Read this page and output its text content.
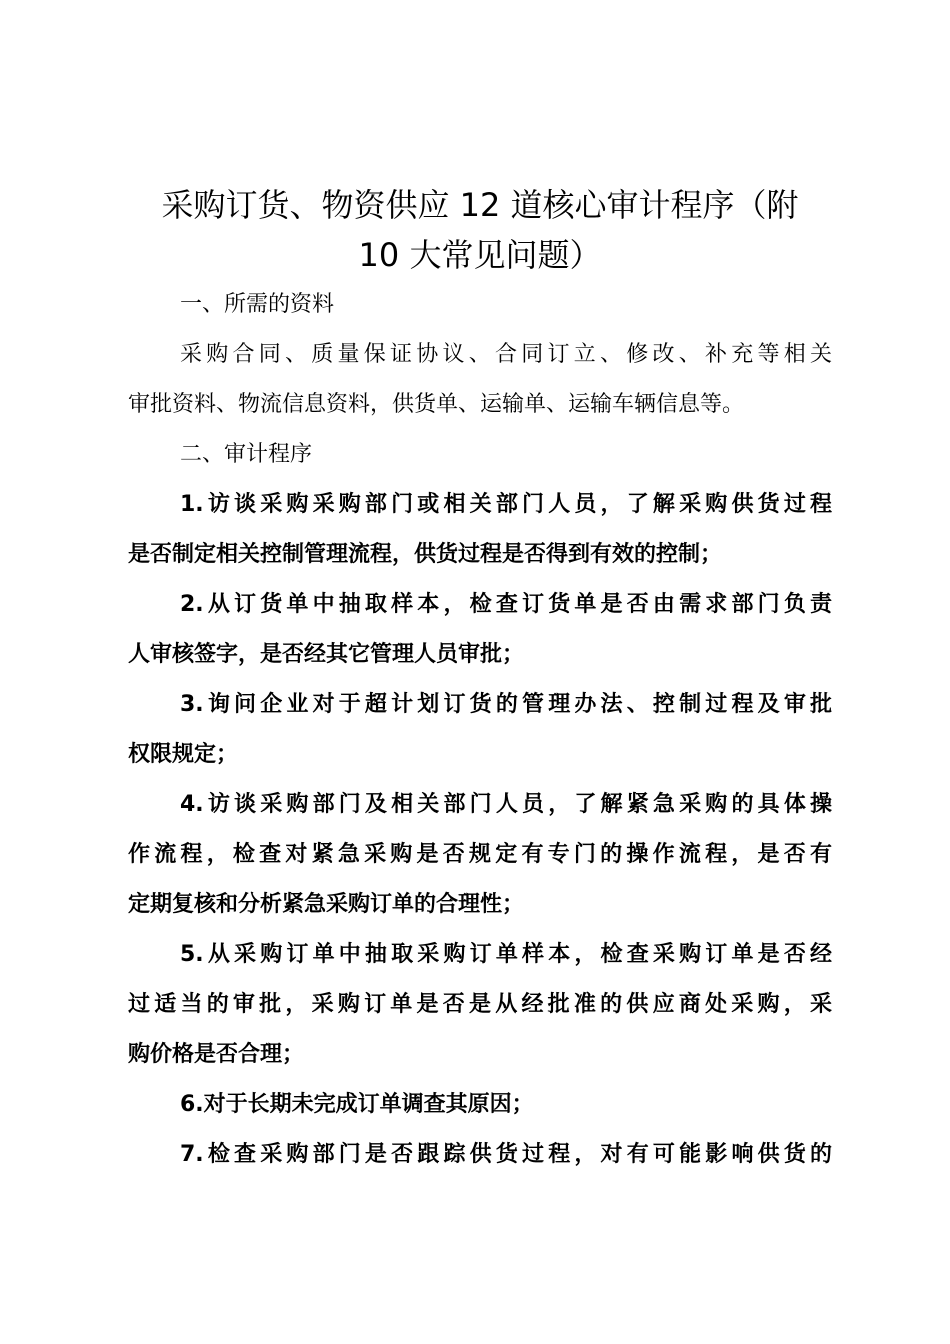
采购订货、物资供应 12 道核心审计程序（附
10 大常见问题）

一、所需的资料

采购合同、质量保证协议、合同订立、修改、补充等相关

审批资料、物流信息资料，供货单、运输单、运输车辆信息等。

二、审计程序

1.访谈采购采购部门或相关部门人员，了解采购供货过程

是否制定相关控制管理流程，供货过程是否得到有效的控制；

2.从订货单中抽取样本，检查订货单是否由需求部门负责

人审核签字，是否经其它管理人员审批；

3.询问企业对于超计划订货的管理办法、控制过程及审批

权限规定；

4.访谈采购部门及相关部门人员，了解紧急采购的具体操

作流程，检查对紧急采购是否规定有专门的操作流程，是否有

定期复核和分析紧急采购订单的合理性；

5.从采购订单中抽取采购订单样本，检查采购订单是否经

过适当的审批，采购订单是否是从经批准的供应商处采购，采

购价格是否合理；

6.对于长期未完成订单调查其原因；

7.检查采购部门是否跟踪供货过程，对有可能影响供货的
